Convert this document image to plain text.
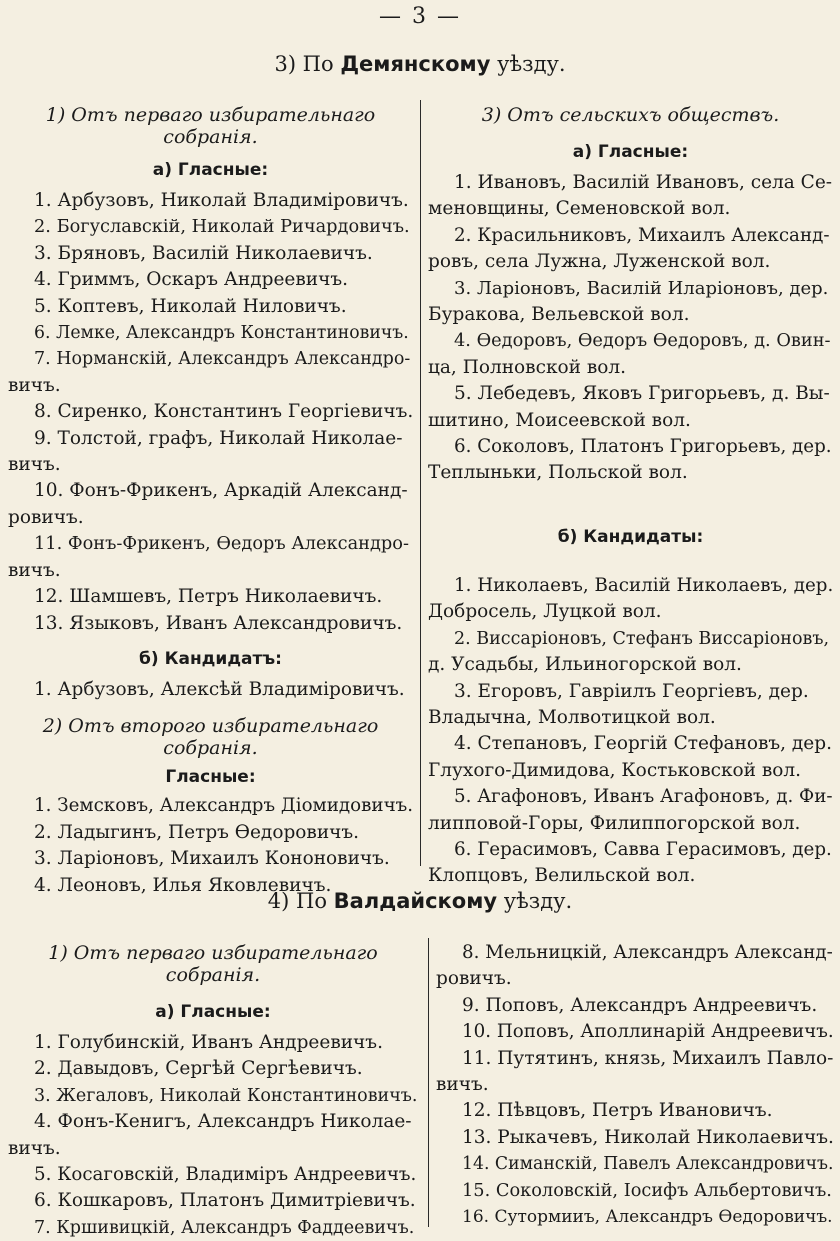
— 3 —
3) По Демянскому уѣзду.
1) Отъ перваго избирательнаго собранія.
а) Гласные:
1. Арбузовъ, Николай Владиміровичъ.
2. Богуславскій, Николай Ричардовичъ.
3. Бряновъ, Василій Николаевичъ.
4. Гриммъ, Оскаръ Андреевичъ.
5. Коптевъ, Николай Ниловичъ.
6. Лемке, Александръ Константиновичъ.
7. Норманскій, Александръ Александро-
вичъ.
8. Сиренко, Константинъ Георгіевичъ.
9. Толстой, графъ, Николай Николае-
вичъ.
10. Фонъ-Фрикенъ, Аркадій Александ-
ровичъ.
11. Фонъ-Фрикенъ, Ѳедоръ Александро-
вичъ.
12. Шамшевъ, Петръ Николаевичъ.
13. Языковъ, Иванъ Александровичъ.
б) Кандидатъ:
1. Арбузовъ, Алексѣй Владиміровичъ.
2) Отъ второго избирательнаго собранія.
Гласные:
1. Земсковъ, Александръ Діомидовичъ.
2. Ладыгинъ, Петръ Ѳедоровичъ.
3. Ларіоновъ, Михаилъ Кононовичъ.
4. Леоновъ, Илья Яковлевичъ.
3) Отъ сельскихъ обществъ.
а) Гласные:
1. Ивановъ, Василій Ивановъ, села Се-
меновщины, Семеновской вол.
2. Красильниковъ, Михаилъ Александ-
ровъ, села Лужна, Луженской вол.
3. Ларіоновъ, Василій Иларіоновъ, дер.
Буракова, Вельевской вол.
4. Ѳедоровъ, Ѳедоръ Ѳедоровъ, д. Овин-
ца, Полновской вол.
5. Лебедевъ, Яковъ Григорьевъ, д. Вы-
шитино, Моисеевской вол.
6. Соколовъ, Платонъ Григорьевъ, дер.
Теплыньки, Польской вол.
б) Кандидаты:
1. Николаевъ, Василій Николаевъ, дер.
Добросель, Луцкой вол.
2. Виссаріоновъ, Стефанъ Виссаріоновъ,
д. Усадьбы, Ильиногорской вол.
3. Егоровъ, Гавріилъ Георгіевъ, дер.
Владычна, Молвотицкой вол.
4. Степановъ, Георгій Стефановъ, дер.
Глухого-Димидова, Костьковской вол.
5. Агафоновъ, Иванъ Агафоновъ, д. Фи-
липповой-Горы, Филиппогорской вол.
6. Герасимовъ, Савва Герасимовъ, дер.
Клопцовъ, Велильской вол.
4) По Валдайскому уѣзду.
1) Отъ перваго избирательнаго собранія.
а) Гласные:
1. Голубинскій, Иванъ Андреевичъ.
2. Давыдовъ, Сергѣй Сергѣевичъ.
3. Жегаловъ, Николай Константиновичъ.
4. Фонъ-Кенигъ, Александръ Николае-
вичъ.
5. Косаговскій, Владиміръ Андреевичъ.
6. Кошкаровъ, Платонъ Димитріевичъ.
7. Кршивицкій, Александръ Фаддеевичъ.
8. Мельницкій, Александръ Александ-
ровичъ.
9. Поповъ, Александръ Андреевичъ.
10. Поповъ, Аполлинарій Андреевичъ.
11. Путятинъ, князь, Михаилъ Павло-
вичъ.
12. Пѣвцовъ, Петръ Ивановичъ.
13. Рыкачевъ, Николай Николаевичъ.
14. Симанскій, Павелъ Александровичъ.
15. Соколовскій, Іосифъ Альбертовичъ.
16. Сутормииъ, Александръ Ѳедоровичъ.
